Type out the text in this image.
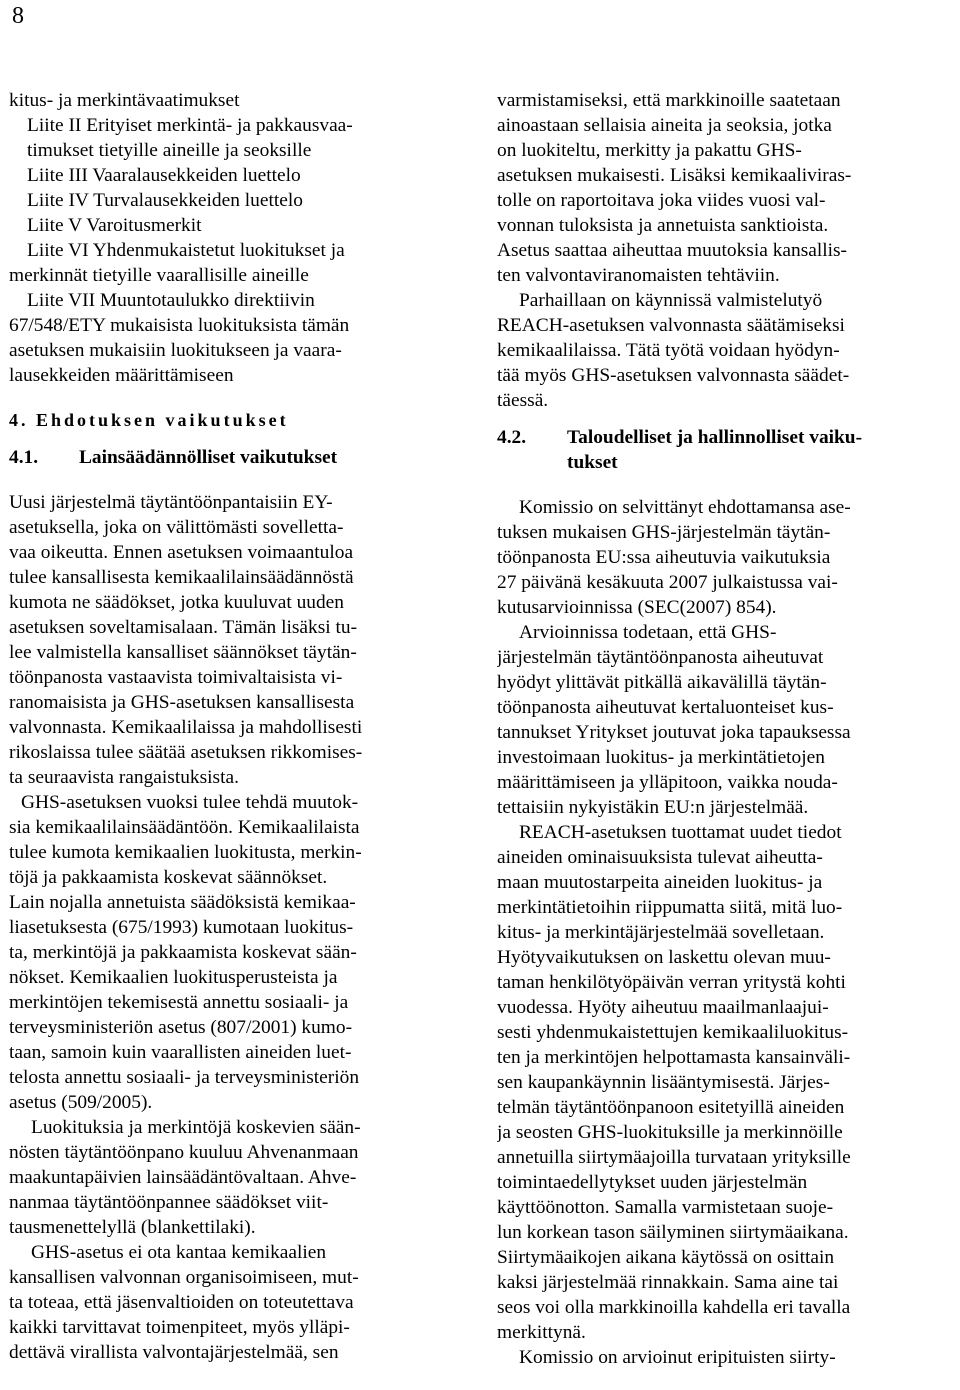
8
kitus- ja merkintävaatimukset
Liite II Erityiset merkintä- ja pakkausvaa-
timukset tietyille aineille ja seoksille
Liite III Vaaralausekkeiden luettelo
Liite IV Turvalausekkeiden luettelo
Liite V Varoitusmerkit
Liite VI Yhdenmukaistetut luokitukset ja
merkinnät tietyille vaarallisille aineille
Liite VII Muuntotaulukko direktiivin
67/548/ETY mukaisista luokituksista tämän
asetuksen mukaisiin luokitukseen ja vaara-
lausekkeiden määrittämiseen
4. Ehdotuksen vaikutukset
4.1.	Lainsäädännölliset vaikutukset
Uusi järjestelmä täytäntöönpantaisiin EY-
asetuksella, joka on välittömästi sovelletta-
vaa oikeutta. Ennen asetuksen voimaantuloa
tulee kansallisesta kemikaalilainsäädännöstä
kumota ne säädökset, jotka kuuluvat uuden
asetuksen soveltamisalaan. Tämän lisäksi tu-
lee valmistella kansalliset säännökset täytän-
töönpanosta vastaavista toimivaltaisista vi-
ranomaisista ja GHS-asetuksen kansallisesta
valvonnasta. Kemikaalilaissa ja mahdollisesti
rikoslaissa tulee säätää asetuksen rikkomises-
ta seuraavista rangaistuksista.
GHS-asetuksen vuoksi tulee tehdä muutok-
sia kemikaalilainsäädäntöön. Kemikaalilaista
tulee kumota kemikaalien luokitusta, merkin-
töjä ja pakkaamista koskevat säännökset.
Lain nojalla annetuista säädöksistä kemikaa-
liasetuksesta (675/1993) kumotaan luokitus-
ta, merkintöjä ja pakkaamista koskevat sään-
nökset. Kemikaalien luokitusperusteista ja
merkintöjen tekemisestä annettu sosiaali- ja
terveysministeriön asetus (807/2001) kumo-
taan, samoin kuin vaarallisten aineiden luet-
telosta annettu sosiaali- ja terveysministeriön
asetus (509/2005).
Luokituksia ja merkintöjä koskevien sään-
nösten täytäntöönpano kuuluu Ahvenanmaan
maakuntapäivien lainsäädäntövaltaan. Ahve-
nanmaa täytäntöönpannee säädökset viit-
tausmenettelyllä (blankettilaki).
GHS-asetus ei ota kantaa kemikaalien
kansallisen valvonnan organisoimiseen, mut-
ta toteaa, että jäsenvaltioiden on toteutettava
kaikki tarvittavat toimenpiteet, myös ylläpi-
dettävä virallista valvontajärjestelmää, sen
varmistamiseksi, että markkinoille saatetaan
ainoastaan sellaisia aineita ja seoksia, jotka
on luokiteltu, merkitty ja pakattu GHS-
asetuksen mukaisesti. Lisäksi kemikaaliviras-
tolle on raportoitava joka viides vuosi val-
vonnan tuloksista ja annetuista sanktioista.
Asetus saattaa aiheuttaa muutoksia kansallis-
ten valvontaviranomaisten tehtäviin.
Parhaillaan on käynnissä valmistelutyö
REACH-asetuksen valvonnasta säätämiseksi
kemikaalilaissa. Tätä työtä voidaan hyödyn-
tää myös GHS-asetuksen valvonnasta säädet-
täessä.
4.2.	Taloudelliset ja hallinnolliset vaiku-
tukset
Komissio on selvittänyt ehdottamansa ase-
tuksen mukaisen GHS-järjestelmän täytän-
töönpanosta EU:ssa aiheutuvia vaikutuksia
27 päivänä kesäkuuta 2007 julkaistussa vai-
kutusarvioinnissa (SEC(2007) 854).
Arvioinnissa todetaan, että GHS-
järjestelmän täytäntöönpanosta aiheutuvat
hyödyt ylittävät pitkällä aikavälillä täytän-
töönpanosta aiheutuvat kertaluonteiset kus-
tannukset Yritykset joutuvat joka tapauksessa
investoimaan luokitus- ja merkintätietojen
määrittämiseen ja ylläpitoon, vaikka nouda-
tettaisiin nykyistäkin EU:n järjestelmää.
REACH-asetuksen tuottamat uudet tiedot
aineiden ominaisuuksista tulevat aiheutta-
maan muutostarpeita aineiden luokitus- ja
merkintätietoihin riippumatta siitä, mitä luo-
kitus- ja merkintäjärjestelmää sovelletaan.
Hyötyvaikutuksen on laskettu olevan muu-
taman henkilötyöpäivän verran yritystä kohti
vuodessa. Hyöty aiheutuu maailmanlaajui-
sesti yhdenmukaistettujen kemikaaliluokitus-
ten ja merkintöjen helpottamasta kansainväli-
sen kaupankäynnin lisääntymisestä. Järjes-
telmän täytäntöönpanoon esitetyillä aineiden
ja seosten GHS-luokituksille ja merkinnöille
annetuilla siirtymäajoilla turvataan yrityksille
toimintaedellytykset uuden järjestelmän
käyttöönotton. Samalla varmistetaan suoje-
lun korkean tason säilyminen siirtymäaikana.
Siirtymäaikojen aikana käytössä on osittain
kaksi järjestelmää rinnakkain. Sama aine tai
seos voi olla markkinoilla kahdella eri tavalla
merkittynä.
Komissio on arvioinut eripituisten siirty-
